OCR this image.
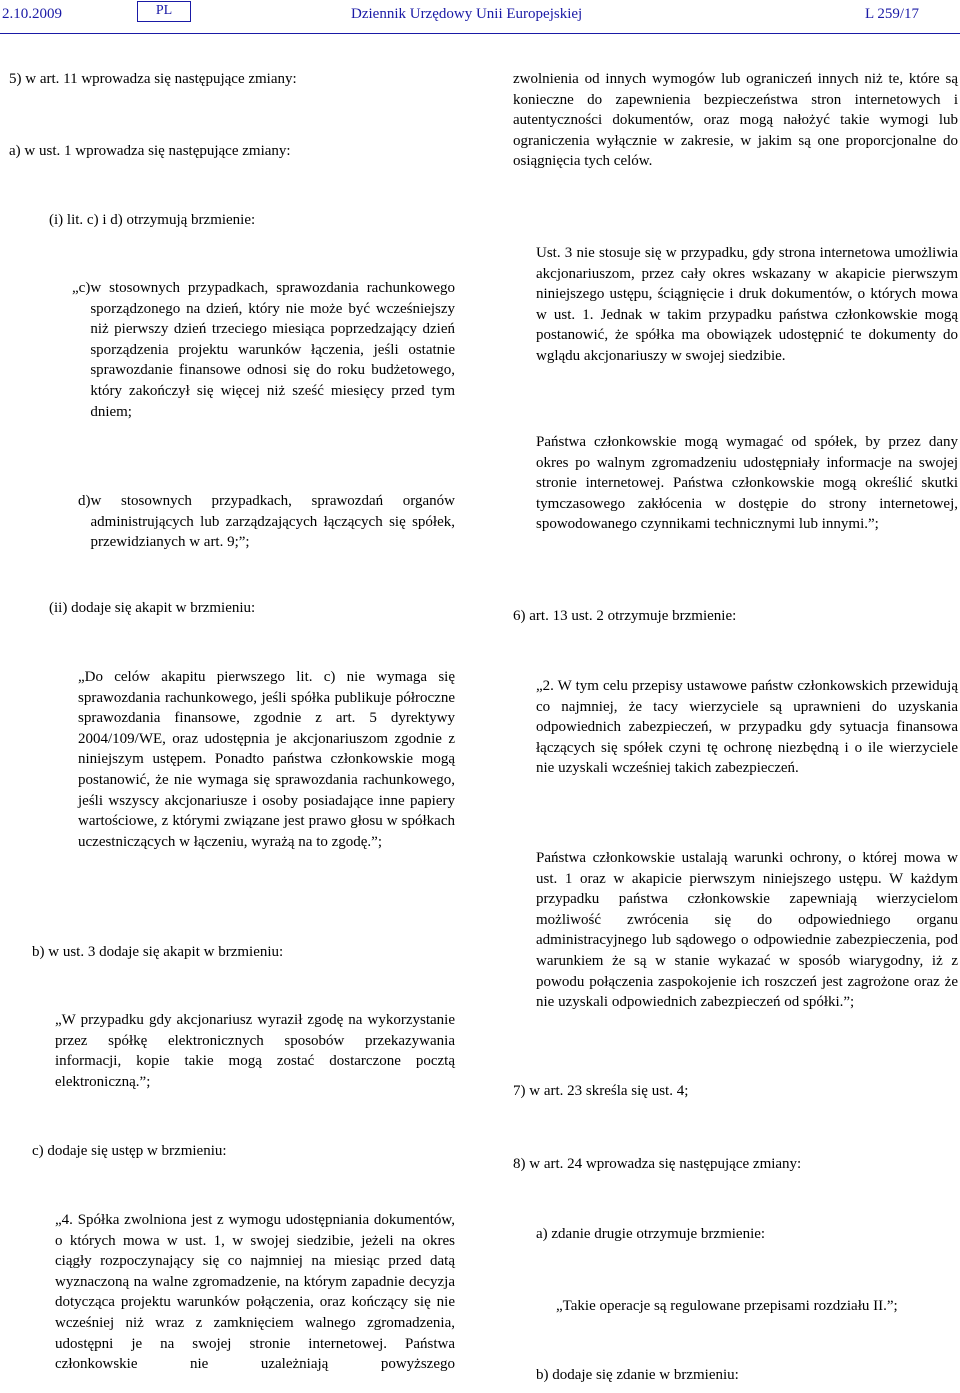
2.10.2009	PL	Dziennik Urzędowy Unii Europejskiej	L 259/17

5) w art. 11 wprowadza się następujące zmiany:

a) w ust. 1 wprowadza się następujące zmiany:

(i) lit. c) i d) otrzymują brzmienie:

„c) w stosownych przypadkach, sprawozdania rachunkowego sporządzonego na dzień, który nie może być wcześniejszy niż pierwszy dzień trzeciego miesiąca poprzedzający dzień sporządzenia projektu warunków łączenia, jeśli ostatnie sprawozdanie finansowe odnosi się do roku budżetowego, który zakończył się więcej niż sześć miesięcy przed tym dniem;
d) w stosownych przypadkach, sprawozdań organów administrujących lub zarządzających łączących się spółek, przewidzianych w art. 9;”;

(ii) dodaje się akapit w brzmieniu:

„Do celów akapitu pierwszego lit. c) nie wymaga się sprawozdania rachunkowego, jeśli spółka publikuje półroczne sprawozdania finansowe, zgodnie z art. 5 dyrektywy 2004/109/WE, oraz udostępnia je akcjonariuszom zgodnie z niniejszym ustępem. Ponadto państwa członkowskie mogą postanowić, że nie wymaga się sprawozdania rachunkowego, jeśli wszyscy akcjonariusze i osoby posiadające inne papiery wartościowe, z którymi związane jest prawo głosu w spółkach uczestniczących w łączeniu, wyrażą na to zgodę.”;

b) w ust. 3 dodaje się akapit w brzmieniu:

„W przypadku gdy akcjonariusz wyraził zgodę na wykorzystanie przez spółkę elektronicznych sposobów przekazywania informacji, kopie takie mogą zostać dostarczone pocztą elektroniczną.”;

c) dodaje się ustęp w brzmieniu:

„4. Spółka zwolniona jest z wymogu udostępniania dokumentów, o których mowa w ust. 1, w swojej siedzibie, jeżeli na okres ciągły rozpoczynający się co najmniej na miesiąc przed datą wyznaczoną na walne zgromadzenie, na którym zapadnie decyzja dotycząca projektu warunków połączenia, oraz kończący się nie wcześniej niż wraz z zamknięciem walnego zgromadzenia, udostępni je na swojej stronie internetowej. Państwa członkowskie nie uzależniają powyższego

zwolnienia od innych wymogów lub ograniczeń innych niż te, które są konieczne do zapewnienia bezpieczeństwa stron internetowych i autentyczności dokumentów, oraz mogą nałożyć takie wymogi lub ograniczenia wyłącznie w zakresie, w jakim są one proporcjonalne do osiągnięcia tych celów.

Ust. 3 nie stosuje się w przypadku, gdy strona internetowa umożliwia akcjonariuszom, przez cały okres wskazany w akapicie pierwszym niniejszego ustępu, ściągnięcie i druk dokumentów, o których mowa w ust. 1. Jednak w takim przypadku państwa członkowskie mogą postanowić, że spółka ma obowiązek udostępnić te dokumenty do wglądu akcjonariuszy w swojej siedzibie.

Państwa członkowskie mogą wymagać od spółek, by przez dany okres po walnym zgromadzeniu udostępniały informacje na swojej stronie internetowej. Państwa członkowskie mogą określić skutki tymczasowego zakłócenia w dostępie do strony internetowej, spowodowanego czynnikami technicznymi lub innymi.”;

6) art. 13 ust. 2 otrzymuje brzmienie:

„2. W tym celu przepisy ustawowe państw członkowskich przewidują co najmniej, że tacy wierzyciele są uprawnieni do uzyskania odpowiednich zabezpieczeń, w przypadku gdy sytuacja finansowa łączących się spółek czyni tę ochronę niezbędną i o ile wierzyciele nie uzyskali wcześniej takich zabezpieczeń.

Państwa członkowskie ustalają warunki ochrony, o której mowa w ust. 1 oraz w akapicie pierwszym niniejszego ustępu. W każdym przypadku państwa członkowskie zapewniają wierzycielom możliwość zwrócenia się do odpowiedniego organu administracyjnego lub sądowego o odpowiednie zabezpieczenia, pod warunkiem że są w stanie wykazać w sposób wiarygodny, iż z powodu połączenia zaspokojenie ich roszczeń jest zagrożone oraz że nie uzyskali odpowiednich zabezpieczeń od spółki.”;

7) w art. 23 skreśla się ust. 4;

8) w art. 24 wprowadza się następujące zmiany:

a) zdanie drugie otrzymuje brzmienie:

„Takie operacje są regulowane przepisami rozdziału II.”;

b) dodaje się zdanie w brzmieniu:
